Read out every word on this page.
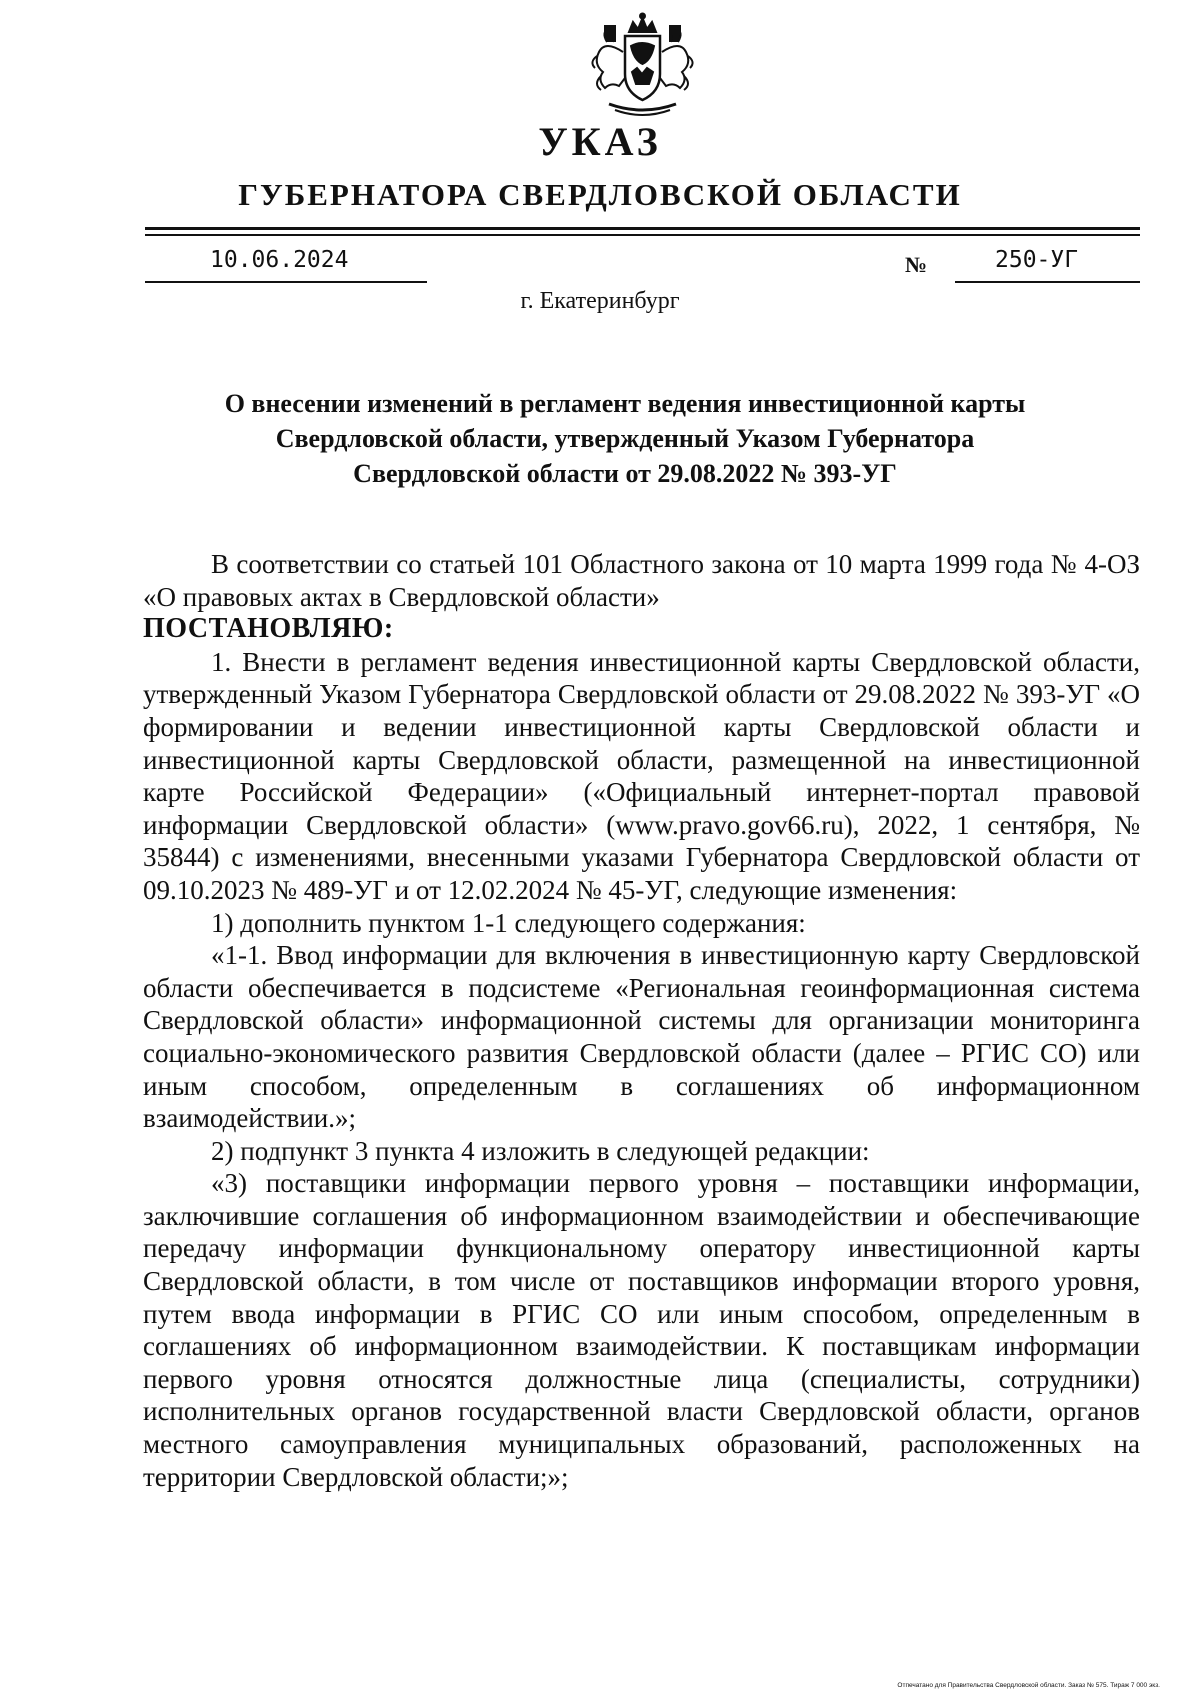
УКАЗ
ГУБЕРНАТОРА СВЕРДЛОВСКОЙ ОБЛАСТИ
10.06.2024	№	250-УГ
г. Екатеринбург
О внесении изменений в регламент ведения инвестиционной карты
Свердловской области, утвержденный Указом Губернатора
Свердловской области от 29.08.2022 № 393-УГ

В соответствии со статьей 101 Областного закона от 10 марта 1999 года № 4-ОЗ «О правовых актах в Свердловской области»

ПОСТАНОВЛЯЮ:

1. Внести в регламент ведения инвестиционной карты Свердловской области, утвержденный Указом Губернатора Свердловской области от 29.08.2022 № 393-УГ «О формировании и ведении инвестиционной карты Свердловской области и инвестиционной карты Свердловской области, размещенной на инвестиционной карте Российской Федерации» («Официальный интернет-портал правовой информации Свердловской области» (www.pravo.gov66.ru), 2022, 1 сентября, № 35844) с изменениями, внесенными указами Губернатора Свердловской области от 09.10.2023 № 489-УГ и от 12.02.2024 № 45-УГ, следующие изменения:

1) дополнить пунктом 1-1 следующего содержания:

«1-1. Ввод информации для включения в инвестиционную карту Свердловской области обеспечивается в подсистеме «Региональная геоинформационная система Свердловской области» информационной системы для организации мониторинга социально-экономического развития Свердловской области (далее – РГИС СО) или иным способом, определенным в соглашениях об информационном взаимодействии.»;

2) подпункт 3 пункта 4 изложить в следующей редакции:

«3) поставщики информации первого уровня – поставщики информации, заключившие соглашения об информационном взаимодействии и обеспечивающие передачу информации функциональному оператору инвестиционной карты Свердловской области, в том числе от поставщиков информации второго уровня, путем ввода информации в РГИС СО или иным способом, определенным в соглашениях об информационном взаимодействии. К поставщикам информации первого уровня относятся должностные лица (специалисты, сотрудники) исполнительных органов государственной власти Свердловской области, органов местного самоуправления муниципальных образований, расположенных на территории Свердловской области;»;

Отпечатано для Правительства Свердловской области. Заказ № 575. Тираж 7 000 экз.
